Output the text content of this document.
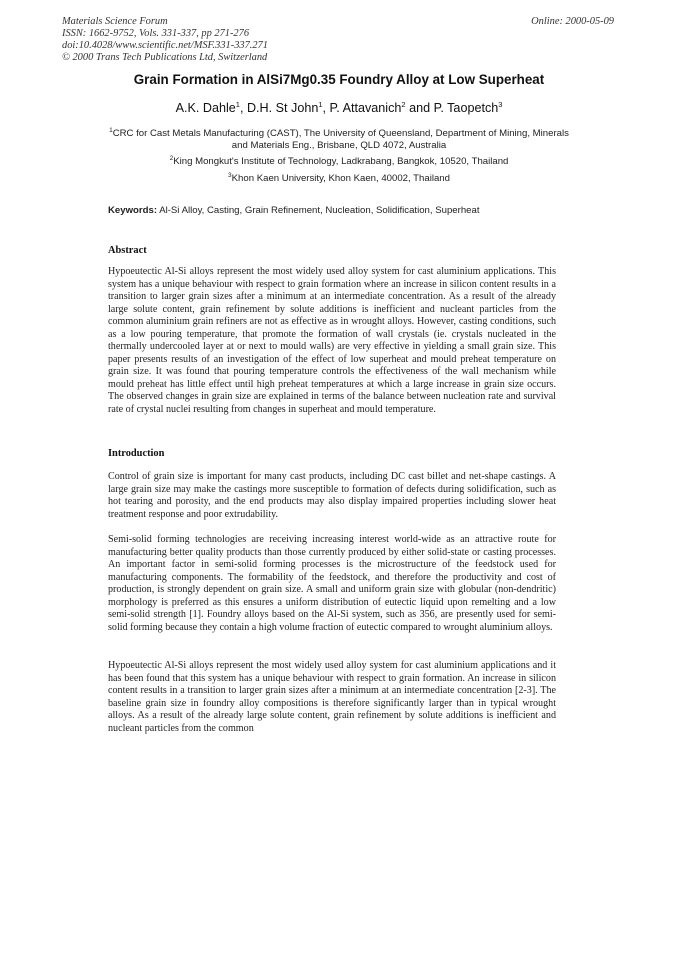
Materials Science Forum
ISSN: 1662-9752, Vols. 331-337, pp 271-276
doi:10.4028/www.scientific.net/MSF.331-337.271
© 2000 Trans Tech Publications Ltd, Switzerland
Online: 2000-05-09
Grain Formation in AlSi7Mg0.35 Foundry Alloy at Low Superheat
A.K. Dahle$^1$, D.H. St John$^1$, P. Attavanich$^2$ and P. Taopetch$^3$
$^1$CRC for Cast Metals Manufacturing (CAST), The University of Queensland, Department of Mining, Minerals and Materials Eng., Brisbane, QLD 4072, Australia
$^2$King Mongkut's Institute of Technology, Ladkrabang, Bangkok, 10520, Thailand
$^3$Khon Kaen University, Khon Kaen, 40002, Thailand
Keywords: Al-Si Alloy, Casting, Grain Refinement, Nucleation, Solidification, Superheat
Abstract
Hypoeutectic Al-Si alloys represent the most widely used alloy system for cast aluminium applications. This system has a unique behaviour with respect to grain formation where an increase in silicon content results in a transition to larger grain sizes after a minimum at an intermediate concentration. As a result of the already large solute content, grain refinement by solute additions is inefficient and nucleant particles from the common aluminium grain refiners are not as effective as in wrought alloys. However, casting conditions, such as a low pouring temperature, that promote the formation of wall crystals (ie. crystals nucleated in the thermally undercooled layer at or next to mould walls) are very effective in yielding a small grain size. This paper presents results of an investigation of the effect of low superheat and mould preheat temperature on grain size. It was found that pouring temperature controls the effectiveness of the wall mechanism while mould preheat has little effect until high preheat temperatures at which a large increase in grain size occurs. The observed changes in grain size are explained in terms of the balance between nucleation rate and survival rate of crystal nuclei resulting from changes in superheat and mould temperature.
Introduction
Control of grain size is important for many cast products, including DC cast billet and net-shape castings. A large grain size may make the castings more susceptible to formation of defects during solidification, such as hot tearing and porosity, and the end products may also display impaired properties including slower heat treatment response and poor extrudability.
Semi-solid forming technologies are receiving increasing interest world-wide as an attractive route for manufacturing better quality products than those currently produced by either solid-state or casting processes. An important factor in semi-solid forming processes is the microstructure of the feedstock used for manufacturing components. The formability of the feedstock, and therefore the productivity and cost of production, is strongly dependent on grain size. A small and uniform grain size with globular (non-dendritic) morphology is preferred as this ensures a uniform distribution of eutectic liquid upon remelting and a low semi-solid strength [1]. Foundry alloys based on the Al-Si system, such as 356, are presently used for semi-solid forming because they contain a high volume fraction of eutectic compared to wrought aluminium alloys.
Hypoeutectic Al-Si alloys represent the most widely used alloy system for cast aluminium applications and it has been found that this system has a unique behaviour with respect to grain formation. An increase in silicon content results in a transition to larger grain sizes after a minimum at an intermediate concentration [2-3]. The baseline grain size in foundry alloy compositions is therefore significantly larger than in typical wrought alloys. As a result of the already large solute content, grain refinement by solute additions is inefficient and nucleant particles from the common
